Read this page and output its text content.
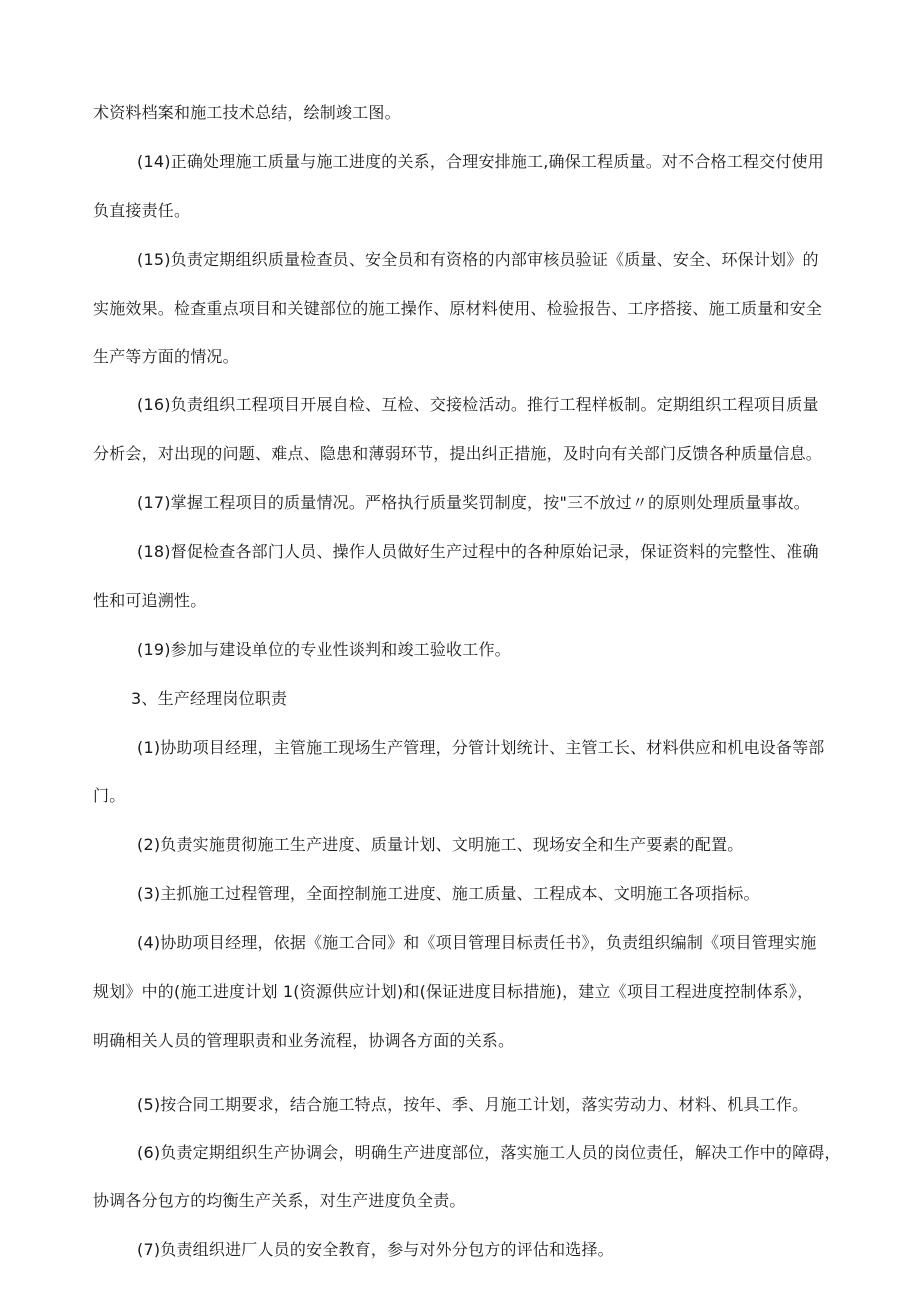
术资料档案和施工技术总结，绘制竣工图。
(14)正确处理施工质量与施工进度的关系，合理安排施工,确保工程质量。对不合格工程交付使用
负直接责任。
(15)负责定期组织质量检查员、安全员和有资格的内部审核员验证《质量、安全、环保计划》的
实施效果。检查重点项目和关键部位的施工操作、原材料使用、检验报告、工序搭接、施工质量和安全
生产等方面的情况。
(16)负责组织工程项目开展自检、互检、交接检活动。推行工程样板制。定期组织工程项目质量
分析会，对出现的问题、难点、隐患和薄弱环节，提出纠正措施，及时向有关部门反馈各种质量信息。
(17)掌握工程项目的质量情况。严格执行质量奖罚制度，按"三不放过〃的原则处理质量事故。
(18)督促检查各部门人员、操作人员做好生产过程中的各种原始记录，保证资料的完整性、准确
性和可追溯性。
(19)参加与建设单位的专业性谈判和竣工验收工作。
3、生产经理岗位职责
(1)协助项目经理，主管施工现场生产管理，分管计划统计、主管工长、材料供应和机电设备等部
门。
(2)负责实施贯彻施工生产进度、质量计划、文明施工、现场安全和生产要素的配置。
(3)主抓施工过程管理，全面控制施工进度、施工质量、工程成本、文明施工各项指标。
(4)协助项目经理，依据《施工合同》和《项目管理目标责任书》，负责组织编制《项目管理实施
规划》中的(施工进度计划 1(资源供应计划)和(保证进度目标措施)，建立《项目工程进度控制体系》，
明确相关人员的管理职责和业务流程，协调各方面的关系。
(5)按合同工期要求，结合施工特点，按年、季、月施工计划，落实劳动力、材料、机具工作。
(6)负责定期组织生产协调会，明确生产进度部位，落实施工人员的岗位责任，解决工作中的障碍，
协调各分包方的均衡生产关系，对生产进度负全责。
(7)负责组织进厂人员的安全教育，参与对外分包方的评估和选择。
